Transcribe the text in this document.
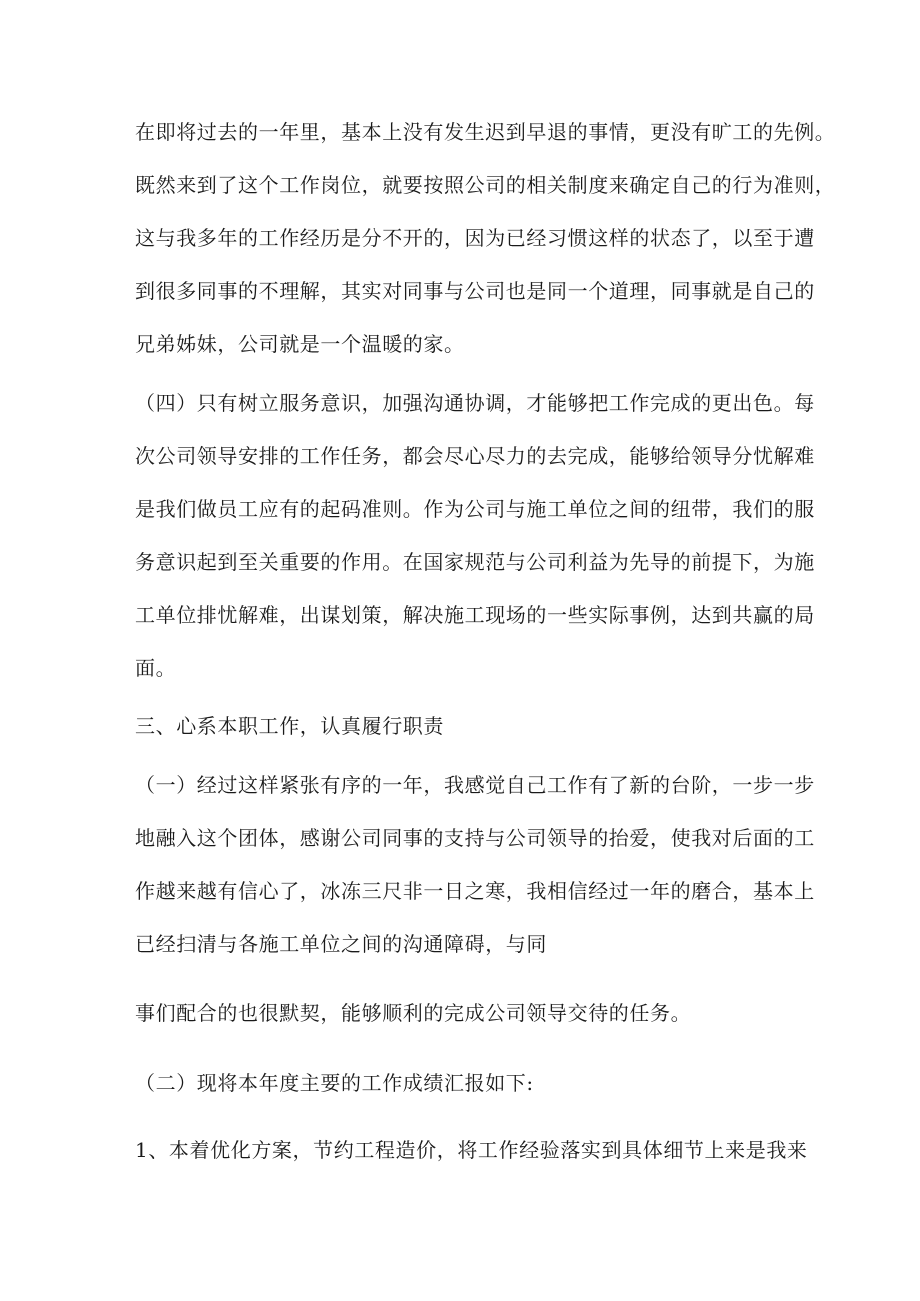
在即将过去的一年里，基本上没有发生迟到早退的事情，更没有旷工的先例。

既然来到了这个工作岗位，就要按照公司的相关制度来确定自己的行为准则，

这与我多年的工作经历是分不开的，因为已经习惯这样的状态了，以至于遭

到很多同事的不理解，其实对同事与公司也是同一个道理，同事就是自己的

兄弟姊妹，公司就是一个温暖的家。

（四）只有树立服务意识，加强沟通协调，才能够把工作完成的更出色。每

次公司领导安排的工作任务，都会尽心尽力的去完成，能够给领导分忧解难

是我们做员工应有的起码准则。作为公司与施工单位之间的纽带，我们的服

务意识起到至关重要的作用。在国家规范与公司利益为先导的前提下，为施

工单位排忧解难，出谋划策，解决施工现场的一些实际事例，达到共赢的局

面。

三、心系本职工作，认真履行职责

（一）经过这样紧张有序的一年，我感觉自己工作有了新的台阶，一步一步

地融入这个团体，感谢公司同事的支持与公司领导的抬爱，使我对后面的工

作越来越有信心了，冰冻三尺非一日之寒，我相信经过一年的磨合，基本上

已经扫清与各施工单位之间的沟通障碍，与同

事们配合的也很默契，能够顺利的完成公司领导交待的任务。

（二）现将本年度主要的工作成绩汇报如下:

1、本着优化方案，节约工程造价，将工作经验落实到具体细节上来是我来
